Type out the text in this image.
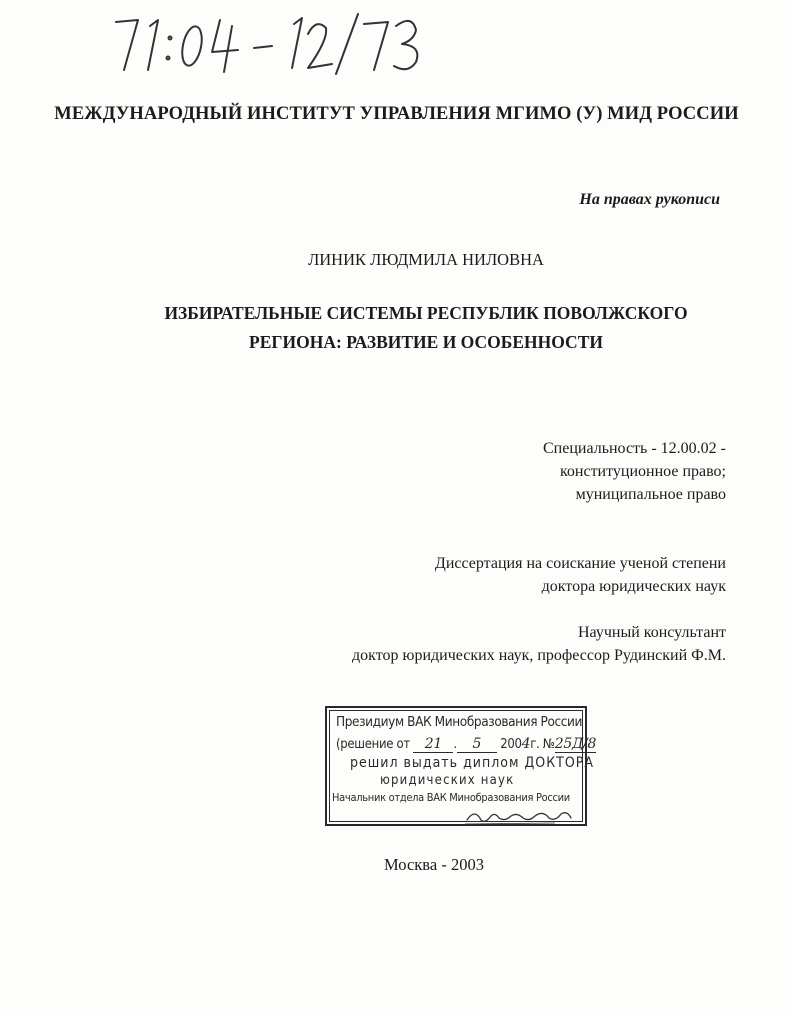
МЕЖДУНАРОДНЫЙ ИНСТИТУТ УПРАВЛЕНИЯ МГИМО (У) МИД РОССИИ
На правах рукописи
ЛИНИК ЛЮДМИЛА НИЛОВНА
ИЗБИРАТЕЛЬНЫЕ СИСТЕМЫ РЕСПУБЛИК ПОВОЛЖСКОГО
РЕГИОНА: РАЗВИТИЕ И ОСОБЕННОСТИ
Специальность - 12.00.02 -
конституционное право;
муниципальное право
Диссертация на соискание ученой степени
доктора юридических наук
Научный консультант
доктор юридических наук, профессор Рудинский Ф.М.
Президиум ВАК Минобразования России
(решение от 21 . 5 2004г. №25Д/8
решил выдать диплом ДОКТОРА
юридических наук
Начальник отдела ВАК Минобразования России
Москва - 2003
